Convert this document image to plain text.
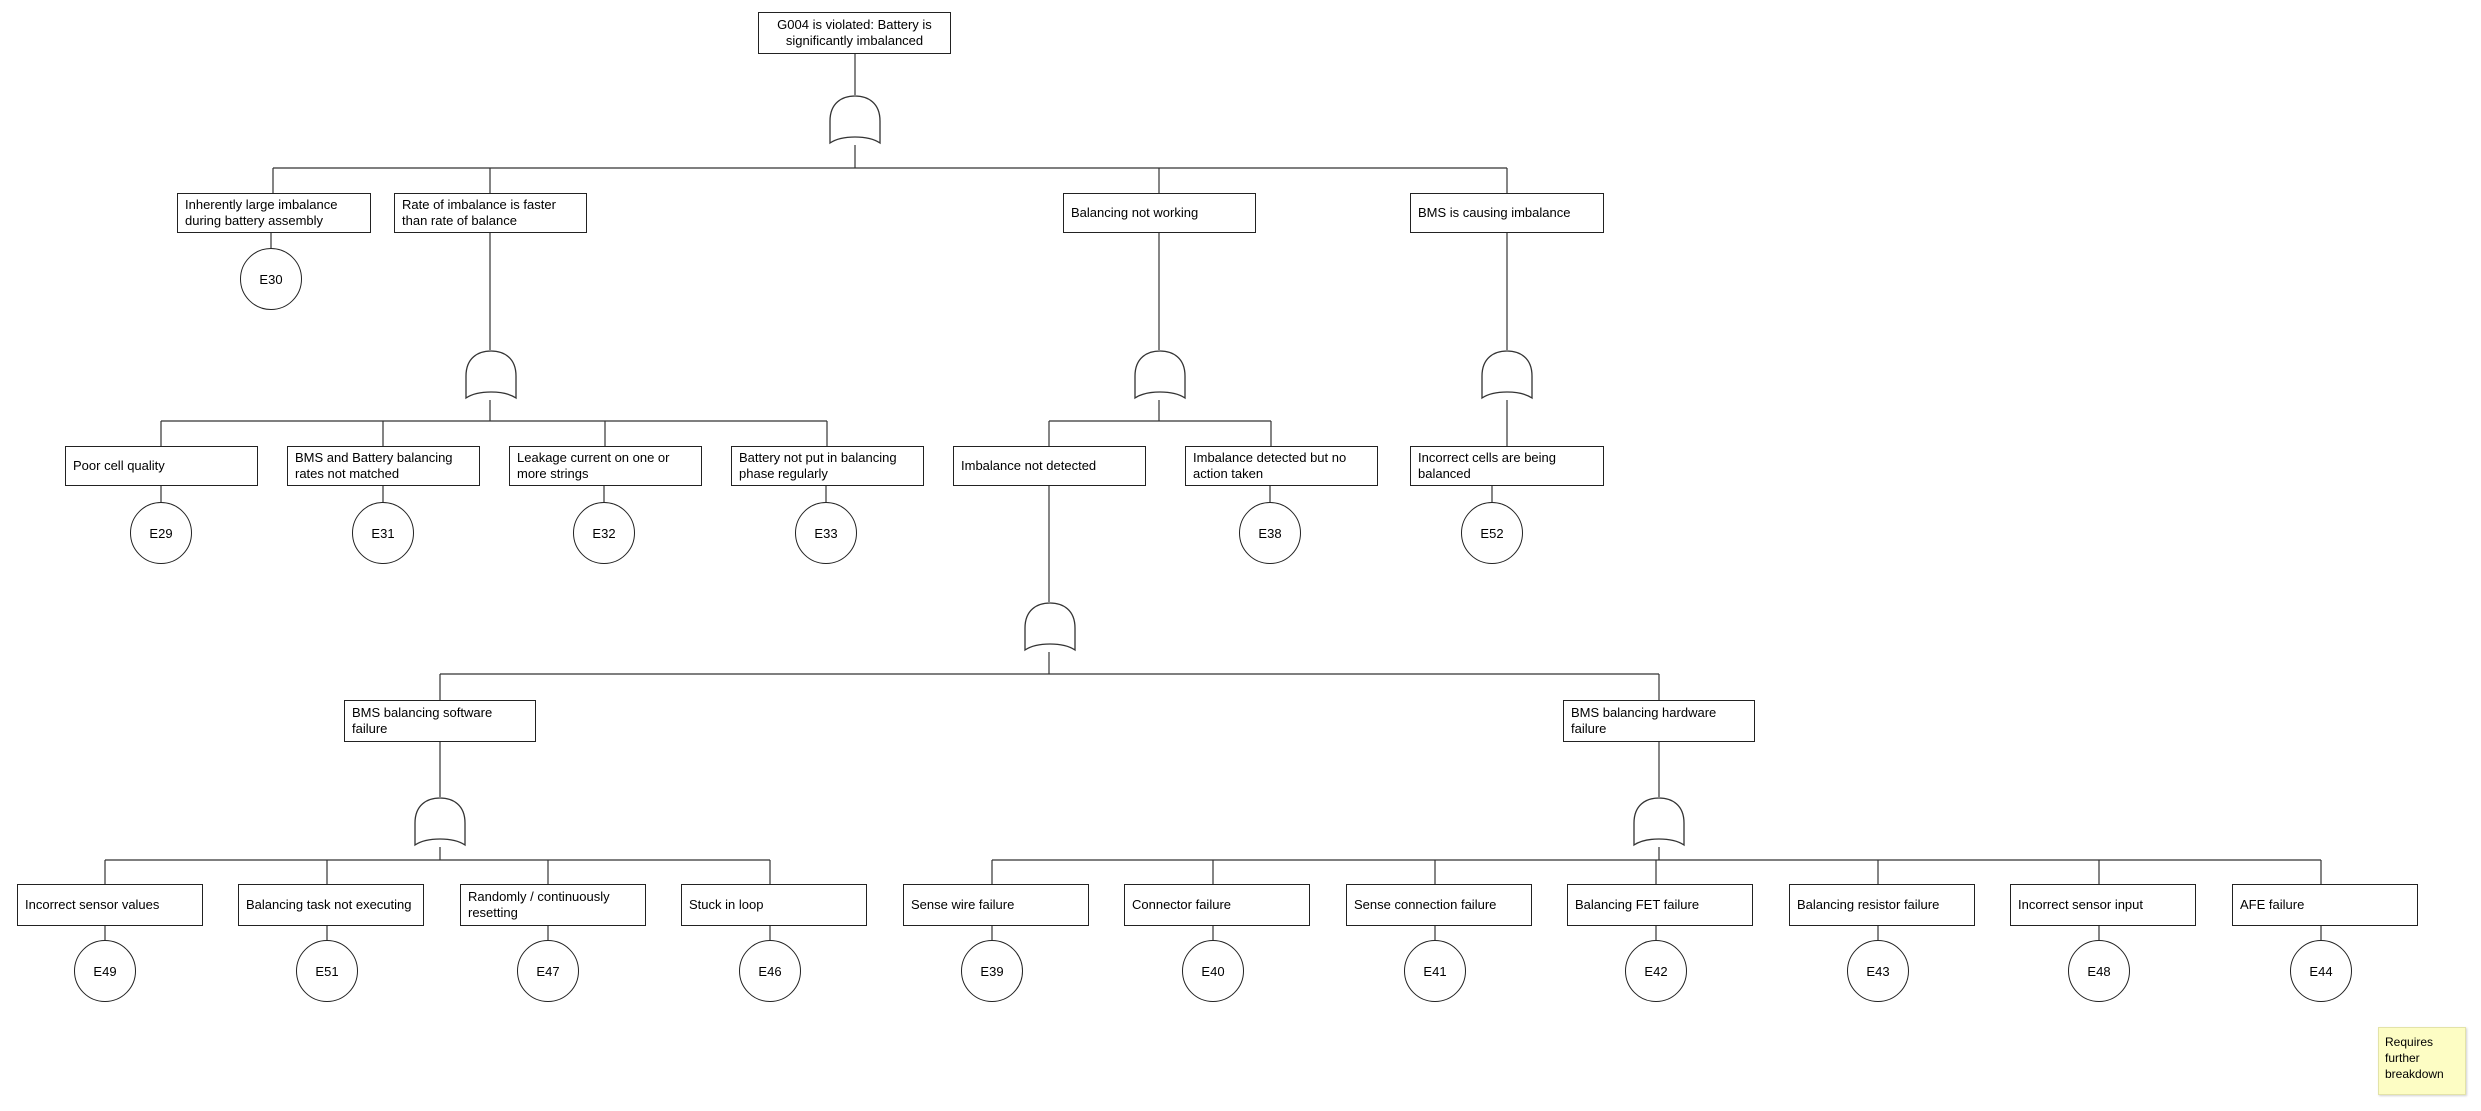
G004 is violated: Battery is significantly imbalanced
Inherently large imbalance during battery assembly
Rate of imbalance is faster than rate of balance
Balancing not working	BMS is causing imbalance
Poor cell quality
BMS and Battery balancing rates not matched
Leakage current on one or more strings
Battery not put in balancing phase regularly
Imbalance not detected
Imbalance detected but no action taken
Incorrect cells are being balanced
BMS balancing software failure
BMS balancing hardware failure
Incorrect sensor values	Balancing task not executing
Randomly / continuously resetting
Stuck in loop	Sense wire failure	Connector failure	Sense connection failure	Balancing FET failure	Balancing resistor failure	Incorrect sensor input	AFE failure
E30
E29	E31	E32	E33	E38	E52
E49	E51	E47	E46	E39	E40	E41	E42	E43	E48	E44
Requires further breakdown
